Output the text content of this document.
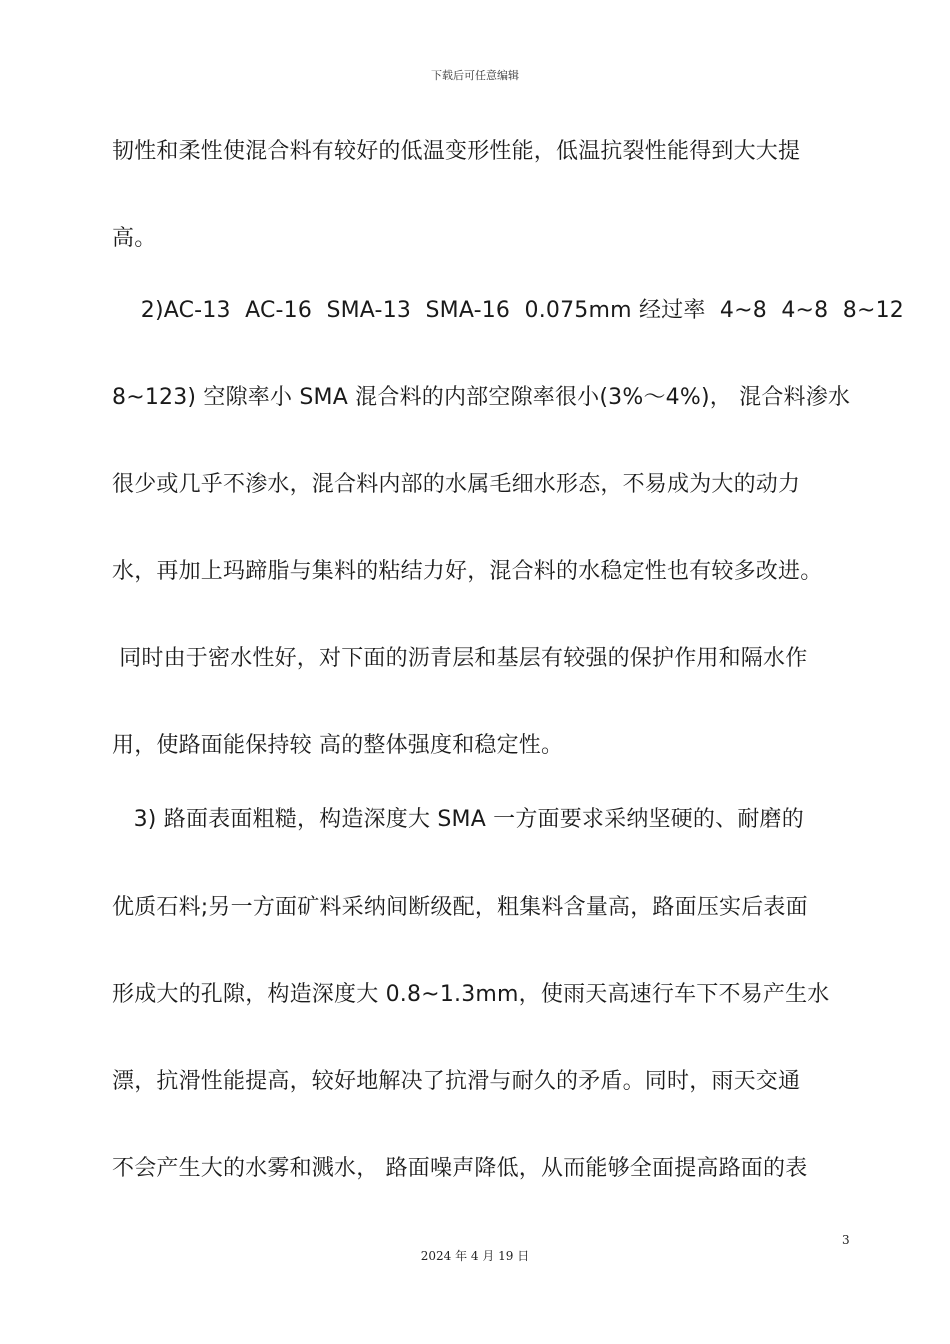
下载后可任意编辑
韧性和柔性使混合料有较好的低温变形性能，低温抗裂性能得到大大提
高。
2)AC-13  AC-16  SMA-13  SMA-16  0.075mm 经过率  4~8  4~8  8~12
8~123) 空隙率小 SMA 混合料的内部空隙率很小(3%～4%)， 混合料渗水
很少或几乎不渗水，混合料内部的水属毛细水形态，不易成为大的动力
水，再加上玛蹄脂与集料的粘结力好，混合料的水稳定性也有较多改进。
同时由于密水性好，对下面的沥青层和基层有较强的保护作用和隔水作
用，使路面能保持较 高的整体强度和稳定性。
3) 路面表面粗糙，构造深度大 SMA 一方面要求采纳坚硬的、耐磨的
优质石料;另一方面矿料采纳间断级配，粗集料含量高，路面压实后表面
形成大的孔隙，构造深度大 0.8~1.3mm，使雨天高速行车下不易产生水
漂，抗滑性能提高，较好地解决了抗滑与耐久的矛盾。同时，雨天交通
不会产生大的水雾和溅水， 路面噪声降低，从而能够全面提高路面的表
3
2024 年 4 月 19 日
